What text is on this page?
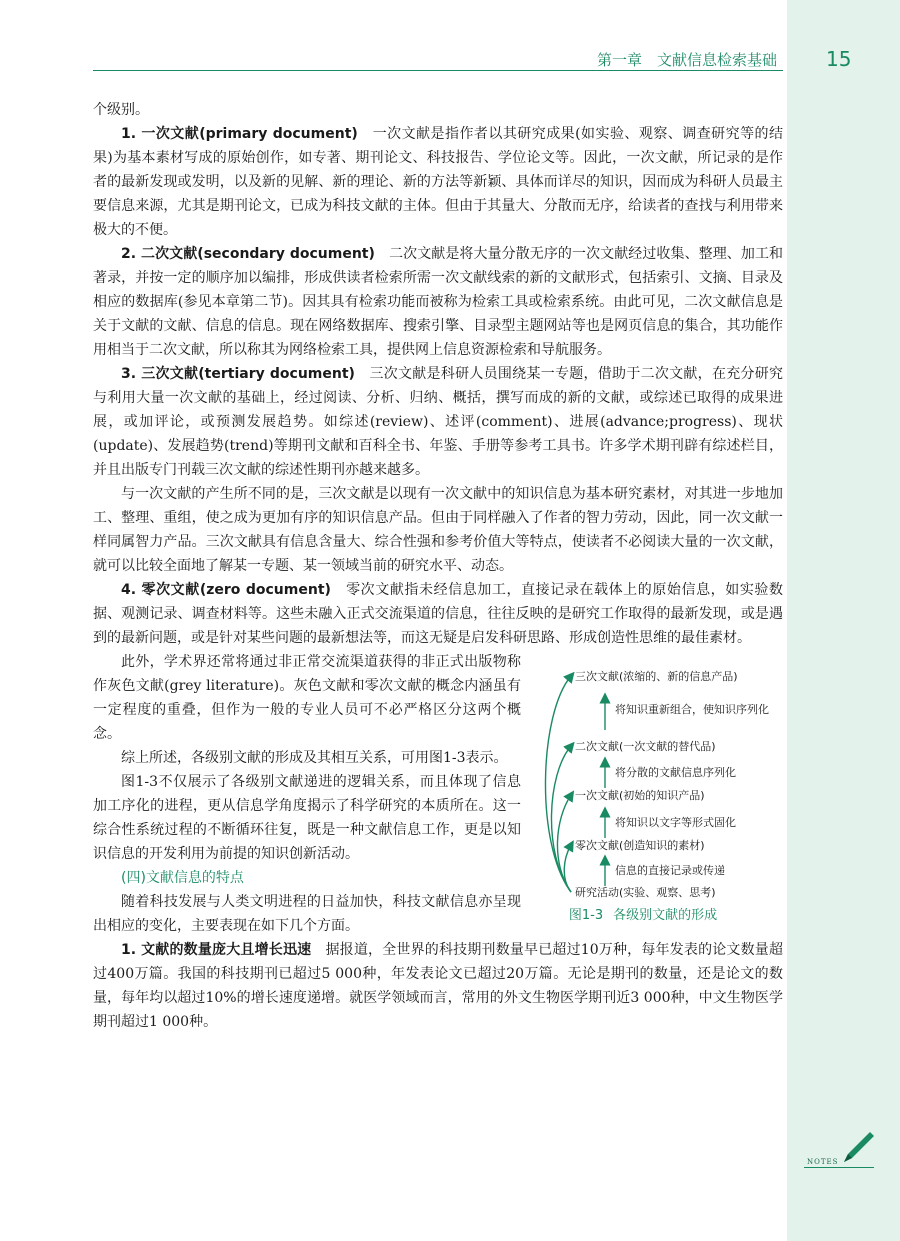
第一章　文献信息检索基础 15

个级别。

1. 一次文献(primary document)　 一次文献是指作者以其研究成果(如实验、观察、调查研究等的结果)为基本素材写成的原始创作，如专著、期刊论文、科技报告、学位论文等。因此，一次文献，所记录的是作者的最新发现或发明，以及新的见解、新的理论、新的方法等新颖、具体而详尽的知识，因而成为科研人员最主要信息来源，尤其是期刊论文，已成为科技文献的主体。但由于其量大、分散而无序，给读者的查找与利用带来极大的不便。

2. 二次文献(secondary document)　 二次文献是将大量分散无序的一次文献经过收集、整理、加工和著录，并按一定的顺序加以编排，形成供读者检索所需一次文献线索的新的文献形式，包括索引、文摘、目录及相应的数据库(参见本章第二节)。因其具有检索功能而被称为检索工具或检索系统。由此可见，二次文献信息是关于文献的文献、信息的信息。现在网络数据库、搜索引擎、目录型主题网站等也是网页信息的集合，其功能作用相当于二次文献，所以称其为网络检索工具，提供网上信息资源检索和导航服务。

3. 三次文献(tertiary document)　 三次文献是科研人员围绕某一专题，借助于二次文献，在充分研究与利用大量一次文献的基础上，经过阅读、分析、归纳、概括，撰写而成的新的文献，或综述已取得的成果进展，或加评论，或预测发展趋势。如综述(review)、述评(comment)、进展(advance;progress)、现状(update)、发展趋势(trend)等期刊文献和百科全书、年鉴、手册等参考工具书。许多学术期刊辟有综述栏目，并且出版专门刊载三次文献的综述性期刊亦越来越多。

与一次文献的产生所不同的是，三次文献是以现有一次文献中的知识信息为基本研究素材，对其进一步地加工、整理、重组，使之成为更加有序的知识信息产品。但由于同样融入了作者的智力劳动，因此，同一次文献一样同属智力产品。三次文献具有信息含量大、综合性强和参考价值大等特点，使读者不必阅读大量的一次文献，就可以比较全面地了解某一专题、某一领域当前的研究水平、动态。

4. 零次文献(zero document)　 零次文献指未经信息加工，直接记录在载体上的原始信息，如实验数据、观测记录、调查材料等。这些未融入正式交流渠道的信息，往往反映的是研究工作取得的最新发现，或是遇到的最新问题，或是针对某些问题的最新想法等，而这无疑是启发科研思路、形成创造性思维的最佳素材。

三次文献(浓缩的、新的信息产品)
二次文献(一次文献的替代品)
一次文献(初始的知识产品)
零次文献(创造知识的素材)
研究活动(实验、观察、思考)
将知识重新组合，使知识序列化
将分散的文献信息序列化
将知识以文字等形式固化
信息的直接记录或传递
图1-3 各级别文献的形成

此外，学术界还常将通过非正常交流渠道获得的非正式出版物称作灰色文献(grey literature)。灰色文献和零次文献的概念内涵虽有一定程度的重叠，但作为一般的专业人员可不必严格区分这两个概念。

综上所述，各级别文献的形成及其相互关系，可用图1-3表示。

图1-3不仅展示了各级别文献递进的逻辑关系，而且体现了信息加工序化的进程，更从信息学角度揭示了科学研究的本质所在。这一综合性系统过程的不断循环往复，既是一种文献信息工作，更是以知识信息的开发利用为前提的知识创新活动。

(四)文献信息的特点

随着科技发展与人类文明进程的日益加快，科技文献信息亦呈现出相应的变化，主要表现在如下几个方面。

1. 文献的数量庞大且增长迅速　 据报道，全世界的科技期刊数量早已超过10万种，每年发表的论文数量超过400万篇。我国的科技期刊已超过5 000种，年发表论文已超过20万篇。无论是期刊的数量，还是论文的数量，每年均以超过10%的增长速度递增。就医学领域而言，常用的外文生物医学期刊近3 000种，中文生物医学期刊超过1 000种。

NOTES
